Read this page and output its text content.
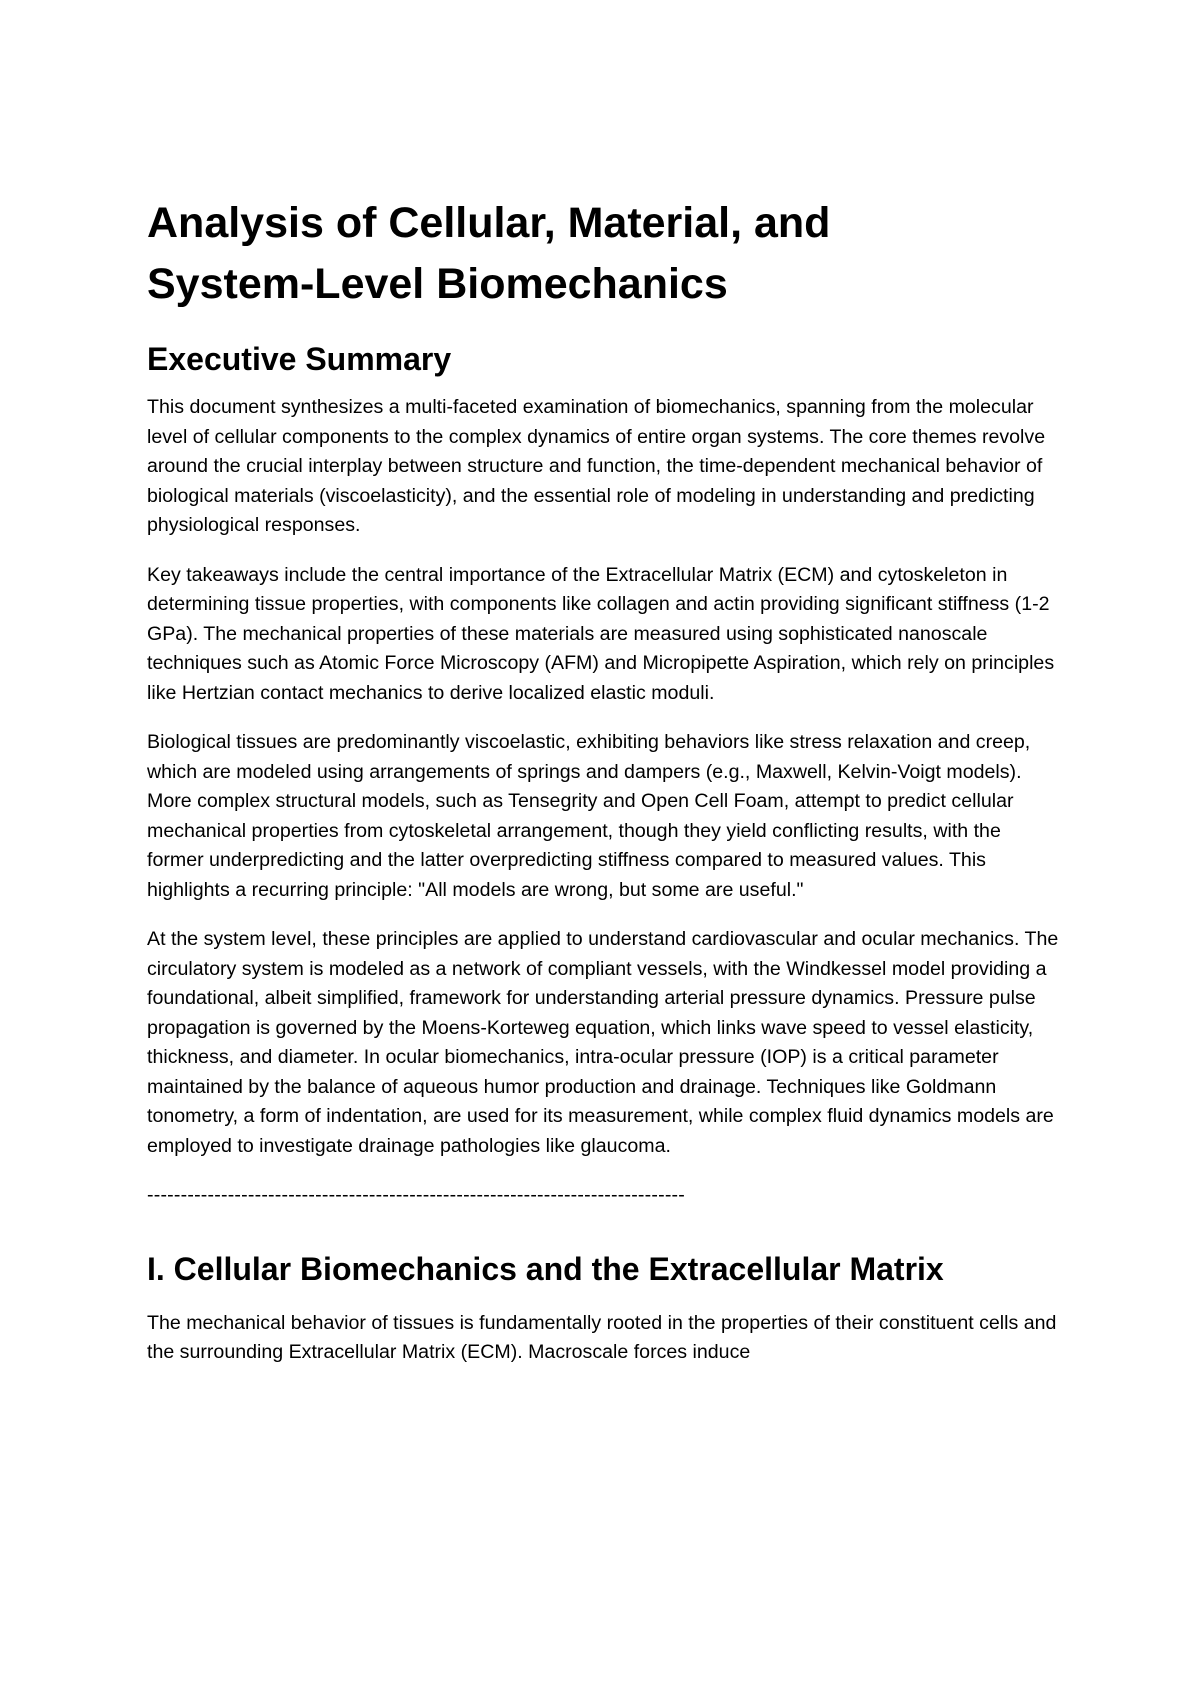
Analysis of Cellular, Material, and System-Level Biomechanics
Executive Summary

This document synthesizes a multi-faceted examination of biomechanics, spanning from the molecular level of cellular components to the complex dynamics of entire organ systems. The core themes revolve around the crucial interplay between structure and function, the time-dependent mechanical behavior of biological materials (viscoelasticity), and the essential role of modeling in understanding and predicting physiological responses.

Key takeaways include the central importance of the Extracellular Matrix (ECM) and cytoskeleton in determining tissue properties, with components like collagen and actin providing significant stiffness (1-2 GPa). The mechanical properties of these materials are measured using sophisticated nanoscale techniques such as Atomic Force Microscopy (AFM) and Micropipette Aspiration, which rely on principles like Hertzian contact mechanics to derive localized elastic moduli.

Biological tissues are predominantly viscoelastic, exhibiting behaviors like stress relaxation and creep, which are modeled using arrangements of springs and dampers (e.g., Maxwell, Kelvin-Voigt models). More complex structural models, such as Tensegrity and Open Cell Foam, attempt to predict cellular mechanical properties from cytoskeletal arrangement, though they yield conflicting results, with the former underpredicting and the latter overpredicting stiffness compared to measured values. This highlights a recurring principle: "All models are wrong, but some are useful."

At the system level, these principles are applied to understand cardiovascular and ocular mechanics. The circulatory system is modeled as a network of compliant vessels, with the Windkessel model providing a foundational, albeit simplified, framework for understanding arterial pressure dynamics. Pressure pulse propagation is governed by the Moens-Korteweg equation, which links wave speed to vessel elasticity, thickness, and diameter. In ocular biomechanics, intra-ocular pressure (IOP) is a critical parameter maintained by the balance of aqueous humor production and drainage. Techniques like Goldmann tonometry, a form of indentation, are used for its measurement, while complex fluid dynamics models are employed to investigate drainage pathologies like glaucoma.

--------------------------------------------------------------------------------
I. Cellular Biomechanics and the Extracellular Matrix

The mechanical behavior of tissues is fundamentally rooted in the properties of their constituent cells and the surrounding Extracellular Matrix (ECM). Macroscale forces induce
